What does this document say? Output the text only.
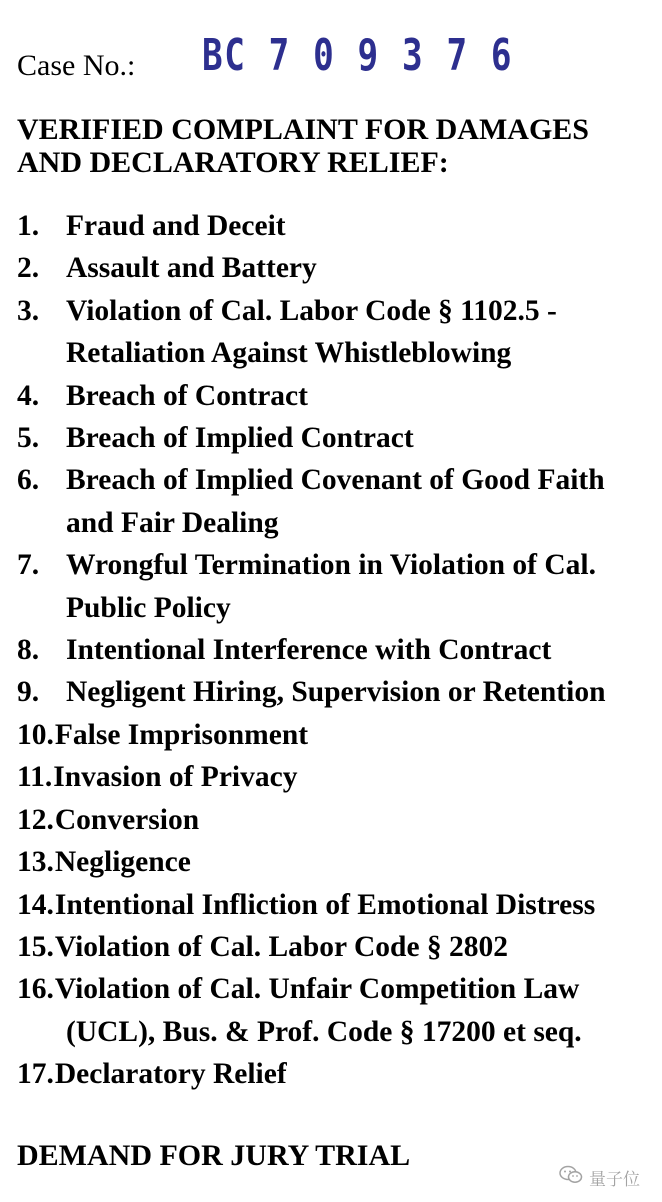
Case No.: BC 7 0 9 3 7 6
VERIFIED COMPLAINT FOR DAMAGES
AND DECLARATORY RELIEF:
1. Fraud and Deceit
2. Assault and Battery
3. Violation of Cal. Labor Code § 1102.5 -
Retaliation Against Whistleblowing
4. Breach of Contract
5. Breach of Implied Contract
6. Breach of Implied Covenant of Good Faith
and Fair Dealing
7. Wrongful Termination in Violation of Cal.
Public Policy
8. Intentional Interference with Contract
9. Negligent Hiring, Supervision or Retention
10.False Imprisonment
11.Invasion of Privacy
12.Conversion
13.Negligence
14.Intentional Infliction of Emotional Distress
15.Violation of Cal. Labor Code § 2802
16.Violation of Cal. Unfair Competition Law
(UCL), Bus. & Prof. Code § 17200 et seq.
17.Declaratory Relief
DEMAND FOR JURY TRIAL
量子位
